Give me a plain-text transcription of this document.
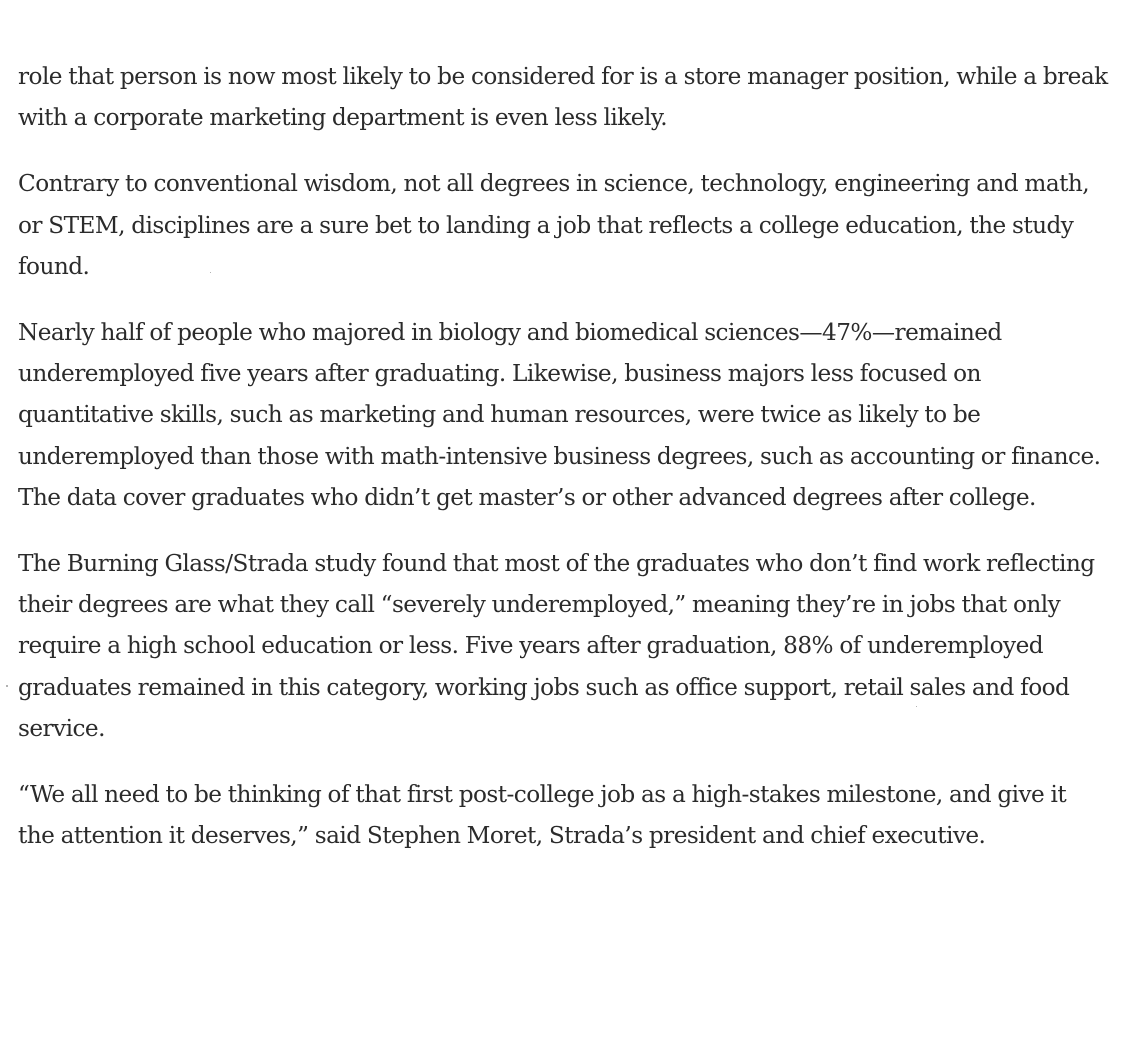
role that person is now most likely to be considered for is a store manager position, while a break with a corporate marketing department is even less likely.

Contrary to conventional wisdom, not all degrees in science, technology, engineering and math, or STEM, disciplines are a sure bet to landing a job that reflects a college education, the study found.

Nearly half of people who majored in biology and biomedical sciences—47%—remained underemployed five years after graduating. Likewise, business majors less focused on quantitative skills, such as marketing and human resources, were twice as likely to be underemployed than those with math-intensive business degrees, such as accounting or finance. The data cover graduates who didn’t get master’s or other advanced degrees after college.

The Burning Glass/Strada study found that most of the graduates who don’t find work reflecting their degrees are what they call “severely underemployed,” meaning they’re in jobs that only require a high school education or less. Five years after graduation, 88% of underemployed graduates remained in this category, working jobs such as office support, retail sales and food service.

“We all need to be thinking of that first post-college job as a high-stakes milestone, and give it the attention it deserves,” said Stephen Moret, Strada’s president and chief executive.
